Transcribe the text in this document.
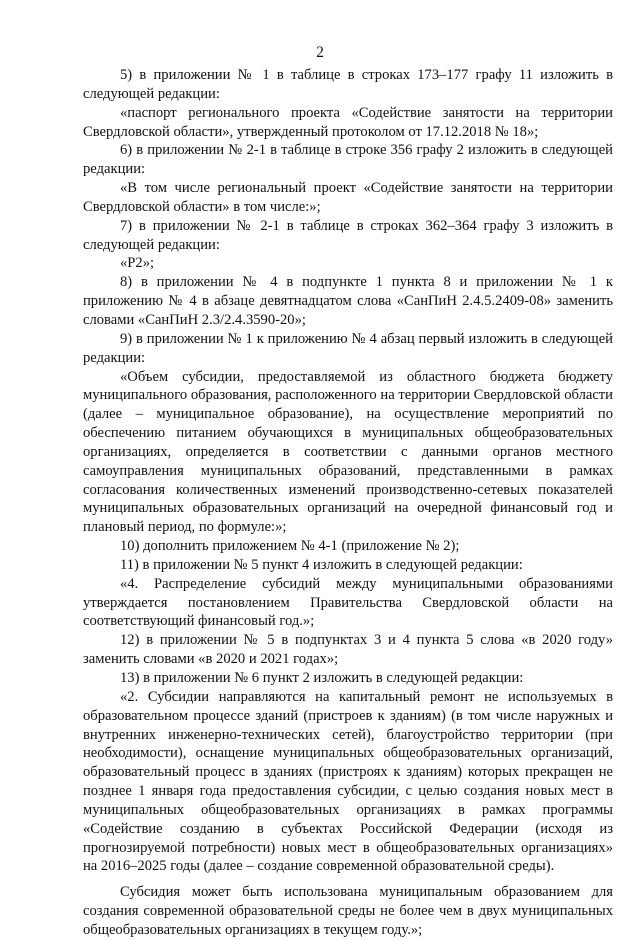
2

5) в приложении № 1 в таблице в строках 173–177 графу 11 изложить в следующей редакции:

«паспорт регионального проекта «Содействие занятости на территории Свердловской области», утвержденный протоколом от 17.12.2018 № 18»;

6) в приложении № 2-1 в таблице в строке 356 графу 2 изложить в следующей редакции:

«В том числе региональный проект «Содействие занятости на территории Свердловской области» в том числе:»;

7) в приложении № 2-1 в таблице в строках 362–364 графу 3 изложить в следующей редакции:

«Р2»;

8) в приложении № 4 в подпункте 1 пункта 8 и приложении № 1 к приложению № 4 в абзаце девятнадцатом слова «СанПиН 2.4.5.2409-08» заменить словами «СанПиН 2.3/2.4.3590-20»;

9) в приложении № 1 к приложению № 4 абзац первый изложить в следующей редакции:

«Объем субсидии, предоставляемой из областного бюджета бюджету муниципального образования, расположенного на территории Свердловской области (далее – муниципальное образование), на осуществление мероприятий по обеспечению питанием обучающихся в муниципальных общеобразовательных организациях, определяется в соответствии с данными органов местного самоуправления муниципальных образований, представленными в рамках согласования количественных изменений производственно-сетевых показателей муниципальных образовательных организаций на очередной финансовый год и плановый период, по формуле:»;

10) дополнить приложением № 4-1 (приложение № 2);

11) в приложении № 5 пункт 4 изложить в следующей редакции:

«4. Распределение субсидий между муниципальными образованиями утверждается постановлением Правительства Свердловской области на соответствующий финансовый год.»;

12) в приложении № 5 в подпунктах 3 и 4 пункта 5 слова «в 2020 году» заменить словами «в 2020 и 2021 годах»;

13) в приложении № 6 пункт 2 изложить в следующей редакции:

«2. Субсидии направляются на капитальный ремонт не используемых в образовательном процессе зданий (пристроев к зданиям) (в том числе наружных и внутренних инженерно-технических сетей), благоустройство территории (при необходимости), оснащение муниципальных общеобразовательных организаций, образовательный процесс в зданиях (пристроях к зданиям) которых прекращен не позднее 1 января года предоставления субсидии, с целью создания новых мест в муниципальных общеобразовательных организациях в рамках программы «Содействие созданию в субъектах Российской Федерации (исходя из прогнозируемой потребности) новых мест в общеобразовательных организациях» на 2016–2025 годы (далее – создание современной образовательной среды).

Субсидия может быть использована муниципальным образованием для создания современной образовательной среды не более чем в двух муниципальных общеобразовательных организациях в текущем году.»;
